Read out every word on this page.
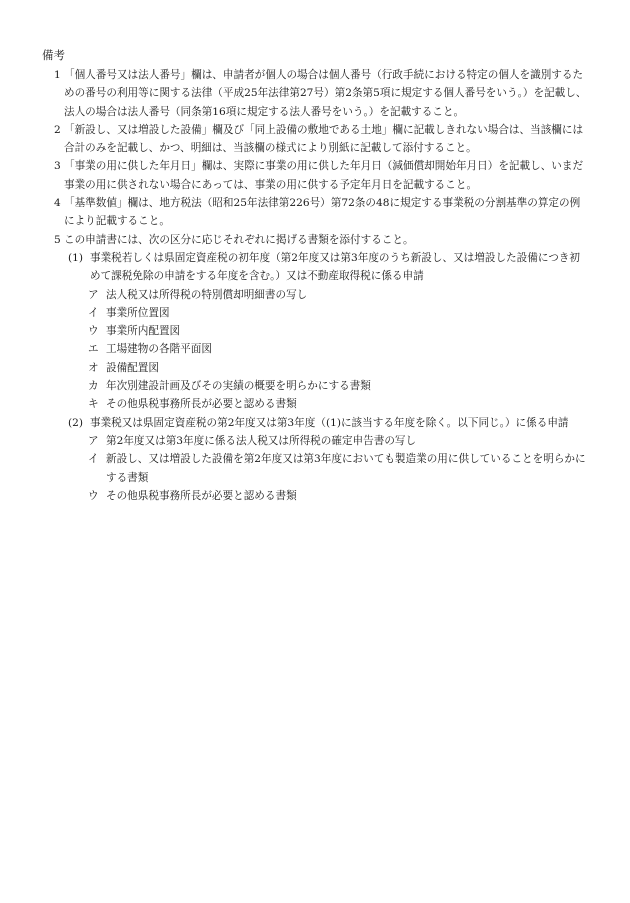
備考
1 「個人番号又は法人番号」欄は、申請者が個人の場合は個人番号（行政手続における特定の個人を識別するための番号の利用等に関する法律（平成25年法律第27号）第2条第5項に規定する個人番号をいう。）を記載し、法人の場合は法人番号（同条第16項に規定する法人番号をいう。）を記載すること。
2 「新設し、又は増設した設備」欄及び「同上設備の敷地である土地」欄に記載しきれない場合は、当該欄には合計のみを記載し、かつ、明細は、当該欄の様式により別紙に記載して添付すること。
3 「事業の用に供した年月日」欄は、実際に事業の用に供した年月日（減価償却開始年月日）を記載し、いまだ事業の用に供されない場合にあっては、事業の用に供する予定年月日を記載すること。
4 「基準数値」欄は、地方税法（昭和25年法律第226号）第72条の48に規定する事業税の分割基準の算定の例により記載すること。
5 この申請書には、次の区分に応じそれぞれに掲げる書類を添付すること。
(1) 事業税若しくは県固定資産税の初年度（第2年度又は第3年度のうち新設し、又は増設した設備につき初めて課税免除の申請をする年度を含む。）又は不動産取得税に係る申請
ア 法人税又は所得税の特別償却明細書の写し
イ 事業所位置図
ウ 事業所内配置図
エ 工場建物の各階平面図
オ 設備配置図
カ 年次別建設計画及びその実績の概要を明らかにする書類
キ その他県税事務所長が必要と認める書類
(2) 事業税又は県固定資産税の第2年度又は第3年度（(1)に該当する年度を除く。以下同じ。）に係る申請
ア 第2年度又は第3年度に係る法人税又は所得税の確定申告書の写し
イ 新設し、又は増設した設備を第2年度又は第3年度においても製造業の用に供していることを明らかにする書類
ウ その他県税事務所長が必要と認める書類
